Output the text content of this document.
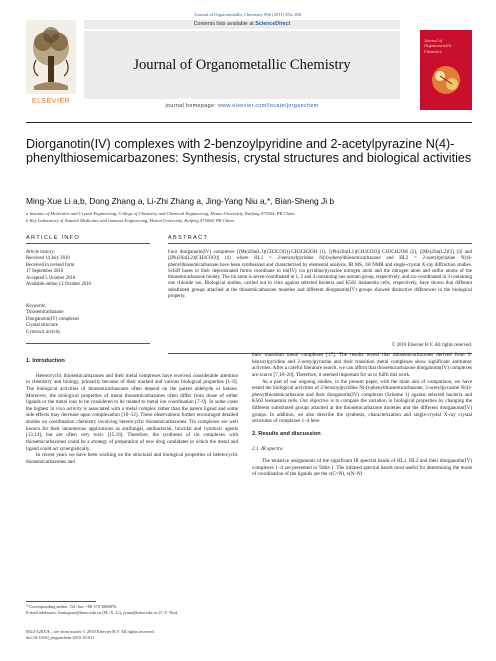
Journal of Organometallic Chemistry 696 (2011) 852–858
ELSEVIER
Contents lists available at ScienceDirect
Journal of Organometallic Chemistry
journal homepage: www.elsevier.com/locate/jorganchem
Journal of Organometallic Chemistry
Diorganotin(IV) complexes with 2-benzoylpyridine and 2-acetylpyrazine N(4)-phenylthiosemicarbazones: Synthesis, crystal structures and biological activities
Ming-Xue Li a,b, Dong Zhang a, Li-Zhi Zhang a, Jing-Yang Niu a,*, Bian-Sheng Ji b
a Institute of Molecular and Crystal Engineering, College of Chemistry and Chemical Engineering, Henan University, Kaifeng 475004, PR China
b Key Laboratory of Natural Medicines and Immuno-Engineering, Henan University, Kaifeng 475004, PR China
ARTICLE INFO	ABSTRACT
Article history:
Received 14 July 2010
Received in revised form
17 September 2010
Accepted 5 October 2010
Available online 13 October 2010
Keywords:
Thiosemicarbazone
Diorganotin(IV) complexes
Crystal structure
Cytotoxic activity
Four diorganotin(IV) complexes [(Me)2Sn(L1)(CH3COO)]·CH3CH2OH (1), [(Ph)2Sn(L1)(CH3COO)]·CH3CH2OH (2), [(Me)2Sn(L2)Cl] (3) and [(Ph)2Sn(L2)(CH3COO)] (4) where HL1 = 2-benzoylpyridine N(4)-phenylthiosemicarbazone and HL2 = 2-acetylpyrazine N(4)-phenylthiosemicarbazone have been synthesized and characterized by elemental analysis, IR MS, 1H NMR and single-crystal X-ray diffraction studies. Schiff bases in their deprotonated forms coordinate to tin(IV) via pyridine/pyrazine nitrogen atom and the nitrogen atom and sulfur atoms of the thiosemicarbazone moiety. The tin atom is seven-coordinated in 1, 2 and 4 containing one acetato group, respectively, and six-coordinated in 3 containing one chloride ion. Biological studies, carried out in vitro against selected bacteria and K562 leukaemia cells, respectively, have shown that different substituted groups attached at the thiosemicarbazone moieties and different diorganotin(IV) groups showed distinctive differences in the biological property.
© 2010 Elsevier B.V. All rights reserved.
1. Introduction

Heterocyclic thiosemicarbazones and their metal complexes have received considerable attention in chemistry and biology, primarily because of their marked and various biological properties [1–6]. The biological activities of thiosemicarbazones often depend on the parent aldehyde or ketone. Moreover, the biological properties of metal thiosemicarbazones often differ from those of either ligands or the metal ions to be considered to be related to metal ion coordination [7–9]. In some cases the highest in vivo activity is associated with a metal complex rather than the parent ligand and some side effects may decrease upon complexation [10–12]. These observations further encouraged detailed studies on coordination chemistry involving heterocyclic thiosemicarbazones. Tin complexes are well known for their innumerous applications as antifungal, antibacterial, biocidal and cytotoxic agents [13,14], but are often very toxic [15,16]. Therefore, the syntheses of tin complexes with thiosemicarbazones could be a strategy of preparation of new drug candidates in which the metal and ligand could act synergistically.

In recent years we have been working on the structural and biological properties of heterocyclic thiosemicarbazones and

their transition metal complexes [17]. The results reveal that thiosemicarbazones derived from 2-benzoylpyridine and 2-acetylpyrazine and their transition metal complexes show significant antitumor activities. After a careful literature search, we can affirm that thiosemicarbazone diorganotin(IV) complexes are scarce [7,18–20]. Therefore, it seemed important for us to fulfil this work.

As a part of our ongoing studies, in the present paper, with the main aim of comparison, we have tested the biological activities of 2-benzoylpyridine N(4)-phenylthiosemicarbazone, 2-acetylpyrazine N(4)-phenylthiosemicarbazone and their diorganotin(IV) complexes (Scheme 1) against selected bacteria and K562 leukaemia cells. Our objective is to compare the variation in biological properties by changing the different substituted groups attached at the thiosemicarbazone moieties and the different diorganotin(IV) groups. In addition, we also describe the synthesis, characterization and single-crystal X-ray crystal structures of complexes 1–4 here.

2. Results and discussion
2.1. IR spectra

The tentative assignments of the significant IR spectral bands of HL1, HL2 and their diorganotin(IV) complexes 1–4 are presented in Table 1. The infrared spectral bands most useful for determining the mode of coordination of the ligands are the ν(C=N), ν(N–N)

* Corresponding author. Tel./fax: +86 378 3886876.
E-mail addresses: limingxue@henu.edu.cn (M.-X. Li), jyniu@henu.edu.cn (J.-Y. Niu).
0022-328X/$ – see front matter © 2010 Elsevier B.V. All rights reserved.
doi:10.1016/j.jorganchem.2010.10.011
